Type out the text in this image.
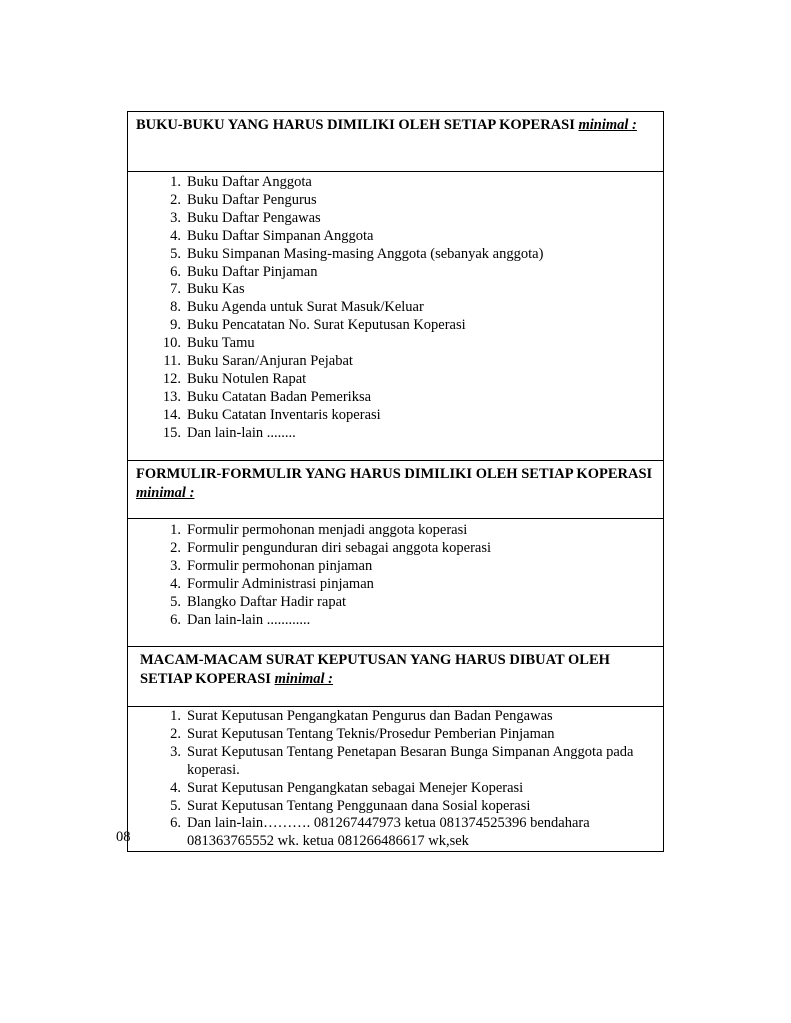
BUKU-BUKU YANG HARUS DIMILIKI OLEH SETIAP KOPERASI minimal :

1. Buku Daftar Anggota
2. Buku Daftar Pengurus
3. Buku Daftar Pengawas
4. Buku Daftar Simpanan Anggota
5. Buku Simpanan Masing-masing Anggota (sebanyak anggota)
6. Buku Daftar Pinjaman
7. Buku Kas
8. Buku Agenda untuk Surat Masuk/Keluar
9. Buku Pencatatan No. Surat Keputusan Koperasi
10. Buku Tamu
11. Buku Saran/Anjuran Pejabat
12. Buku Notulen Rapat
13. Buku Catatan Badan Pemeriksa
14. Buku Catatan Inventaris koperasi
15. Dan lain-lain ........

FORMULIR-FORMULIR YANG HARUS DIMILIKI OLEH SETIAP KOPERASI minimal :

1. Formulir permohonan menjadi anggota koperasi
2. Formulir pengunduran diri sebagai anggota koperasi
3. Formulir permohonan pinjaman
4. Formulir Administrasi pinjaman
5. Blangko Daftar Hadir rapat
6. Dan lain-lain ............

MACAM-MACAM SURAT KEPUTUSAN YANG HARUS DIBUAT OLEH SETIAP KOPERASI minimal :

1. Surat Keputusan Pengangkatan Pengurus dan Badan Pengawas
2. Surat Keputusan Tentang Teknis/Prosedur Pemberian Pinjaman
3. Surat Keputusan Tentang Penetapan Besaran Bunga Simpanan Anggota pada koperasi.
4. Surat Keputusan Pengangkatan sebagai Menejer Koperasi
5. Surat Keputusan Tentang Penggunaan dana Sosial koperasi
6. Dan lain-lain………. 081267447973 ketua 081374525396 bendahara 081363765552 wk. ketua 081266486617 wk,sek
08
